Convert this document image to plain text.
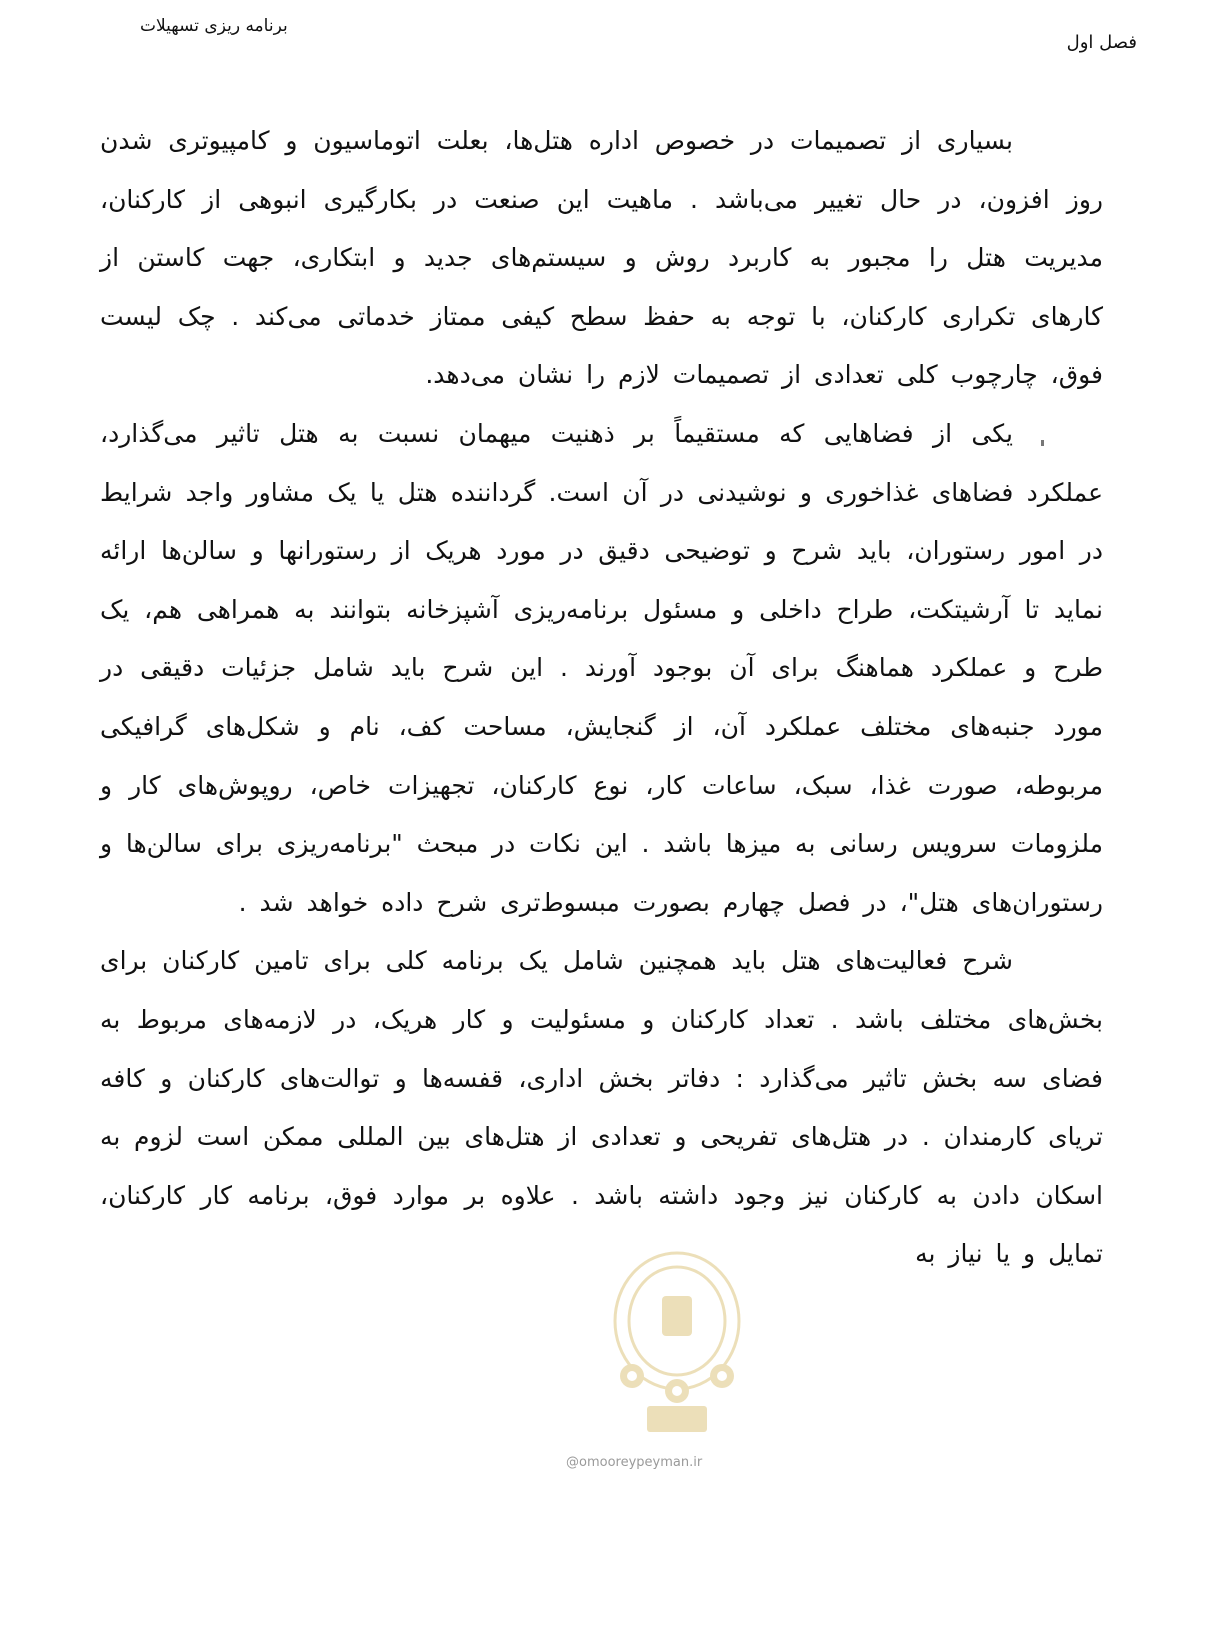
برنامه ریزی تسهیلات
فصل اول

بسیاری از تصمیمات در خصوص اداره هتل‌ها، بعلت اتوماسیون و کامپیوتری شدن روز افزون، در حال تغییر می‌باشد . ماهیت این صنعت در بکارگیری انبوهی از کارکنان، مدیریت هتل را مجبور به کاربرد روش و سیستم‌های جدید و ابتکاری، جهت کاستن از کارهای تکراری کارکنان، با توجه به حفظ سطح کیفی ممتاز خدماتی می‌کند . چک لیست فوق، چارچوب کلی تعدادی از تصمیمات لازم را نشان می‌دهد.

یکی از فضاهایی که مستقیماً بر ذهنیت میهمان نسبت به هتل تاثیر می‌گذارد، عملکرد فضاهای غذاخوری و نوشیدنی در آن است. گرداننده هتل یا یک مشاور واجد شرایط در امور رستوران، باید شرح و توضیحی دقیق در مورد هریک از رستورانها و سالن‌ها ارائه نماید تا آرشیتکت، طراح داخلی و مسئول برنامه‌ریزی آشپزخانه بتوانند به همراهی هم، یک طرح و عملکرد هماهنگ برای آن بوجود آورند . این شرح باید شامل جزئیات دقیقی در مورد جنبه‌های مختلف عملکرد آن، از گنجایش، مساحت کف، نام و شکل‌های گرافیکی مربوطه، صورت غذا، سبک، ساعات کار، نوع کارکنان، تجهیزات خاص، روپوش‌های کار و ملزومات سرویس رسانی به میزها باشد . این نکات در مبحث "برنامه‌ریزی برای سالن‌ها و رستوران‌های هتل"، در فصل چهارم بصورت مبسوط‌تری شرح داده خواهد شد .

شرح فعالیت‌های هتل باید همچنین شامل یک برنامه کلی برای تامین کارکنان برای بخش‌های مختلف باشد . تعداد کارکنان و مسئولیت و کار هریک، در لازمه‌های مربوط به فضای سه بخش تاثیر می‌گذارد : دفاتر بخش اداری، قفسه‌ها و توالت‌های کارکنان و کافه تریای کارمندان . در هتل‌های تفریحی و تعدادی از هتل‌های بین المللی ممکن است لزوم به اسکان دادن به کارکنان نیز وجود داشته باشد . علاوه بر موارد فوق، برنامه کار کارکنان، تمایل و یا نیاز به

@omooreypeyman.ir
